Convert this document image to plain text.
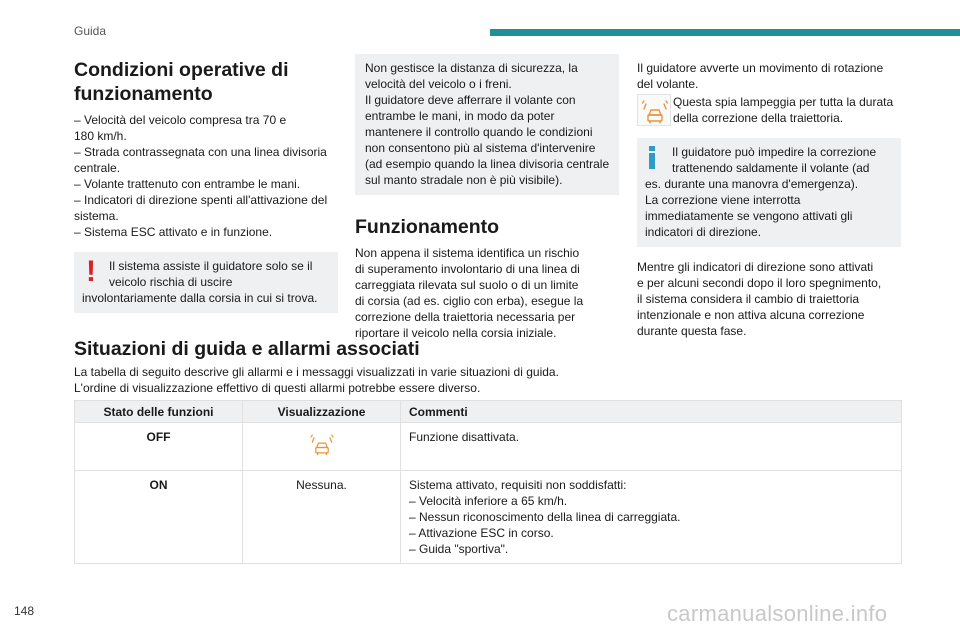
Guida
Condizioni operative di funzionamento
– Velocità del veicolo compresa tra 70 e
180 km/h.
– Strada contrassegnata con una linea divisoria
centrale.
– Volante trattenuto con entrambe le mani.
– Indicatori di direzione spenti all'attivazione del
sistema.
– Sistema ESC attivato e in funzione.
!	Il sistema assiste il guidatore solo se il
veicolo rischia di uscire
involontariamente dalla corsia in cui si trova.
Non gestisce la distanza di sicurezza, la
velocità del veicolo o i freni.
Il guidatore deve afferrare il volante con
entrambe le mani, in modo da poter
mantenere il controllo quando le condizioni
non consentono più al sistema d'intervenire
(ad esempio quando la linea divisoria centrale
sul manto stradale non è più visibile).
Funzionamento
Non appena il sistema identifica un rischio
di superamento involontario di una linea di
carreggiata rilevata sul suolo o di un limite
di corsia (ad es. ciglio con erba), esegue la
correzione della traiettoria necessaria per
riportare il veicolo nella corsia iniziale.
Il guidatore avverte un movimento di rotazione
del volante.
Questa spia lampeggia per tutta la durata
della correzione della traiettoria.
Il guidatore può impedire la correzione
trattenendo saldamente il volante (ad
es. durante una manovra d'emergenza).
La correzione viene interrotta
immediatamente se vengono attivati gli
indicatori di direzione.
Mentre gli indicatori di direzione sono attivati
e per alcuni secondi dopo il loro spegnimento,
il sistema considera il cambio di traiettoria
intenzionale e non attiva alcuna correzione
durante questa fase.
Situazioni di guida e allarmi associati
La tabella di seguito descrive gli allarmi e i messaggi visualizzati in varie situazioni di guida.
L'ordine di visualizzazione effettivo di questi allarmi potrebbe essere diverso.
Stato delle funzioni	Visualizzazione	Commenti
OFF		Funzione disattivata.

ON	Nessuna.	Sistema attivato, requisiti non soddisfatti:
– Velocità inferiore a 65 km/h.
– Nessun riconoscimento della linea di carreggiata.
– Attivazione ESC in corso.
– Guida "sportiva".
148	carmanualsonline.info
